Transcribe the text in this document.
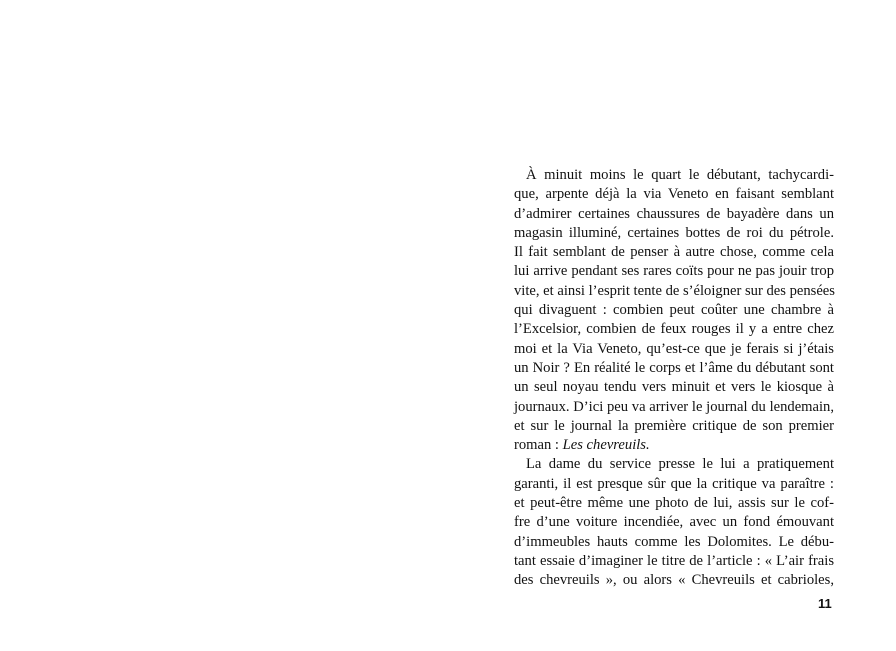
À minuit moins le quart le débutant, tachycardi-
que, arpente déjà la via Veneto en faisant semblant
d’admirer certaines chaussures de bayadère dans un
magasin illuminé, certaines bottes de roi du pétrole.
Il fait semblant de penser à autre chose, comme cela
lui arrive pendant ses rares coïts pour ne pas jouir trop
vite, et ainsi l’esprit tente de s’éloigner sur des pensées
qui divaguent : combien peut coûter une chambre à
l’Excelsior, combien de feux rouges il y a entre chez
moi et la Via Veneto, qu’est-ce que je ferais si j’étais
un Noir ? En réalité le corps et l’âme du débutant sont
un seul noyau tendu vers minuit et vers le kiosque à
journaux. D’ici peu va arriver le journal du lendemain,
et sur le journal la première critique de son premier
roman : Les chevreuils.
La dame du service presse le lui a pratiquement
garanti, il est presque sûr que la critique va paraître :
et peut-être même une photo de lui, assis sur le cof-
fre d’une voiture incendiée, avec un fond émouvant
d’immeubles hauts comme les Dolomites. Le débu-
tant essaie d’imaginer le titre de l’article : « L’air frais
des chevreuils », ou alors « Chevreuils et cabrioles,
11
